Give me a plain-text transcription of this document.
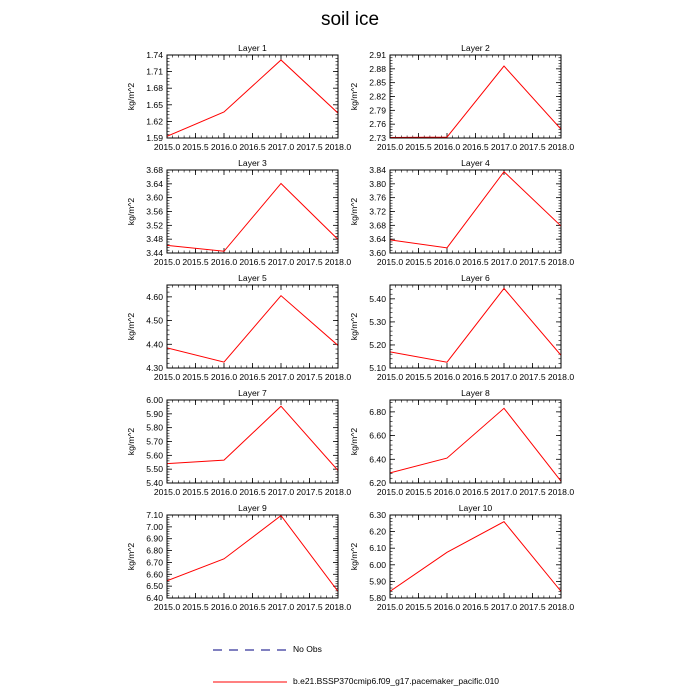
soil ice
Layer 1
kg/m^2
2015.0 2015.5 2016.0 2016.5 2017.0 2017.5 2018.0
1.59
1.62
1.65
1.68
1.71
1.74
Layer 2
kg/m^2
2015.0 2015.5 2016.0 2016.5 2017.0 2017.5 2018.0
2.73
2.76
2.79
2.82
2.85
2.88
2.91
Layer 3
kg/m^2
2015.0 2015.5 2016.0 2016.5 2017.0 2017.5 2018.0
3.44
3.48
3.52
3.56
3.60
3.64
3.68
Layer 4
kg/m^2
2015.0 2015.5 2016.0 2016.5 2017.0 2017.5 2018.0
3.60
3.64
3.68
3.72
3.76
3.80
3.84
Layer 5
kg/m^2
2015.0 2015.5 2016.0 2016.5 2017.0 2017.5 2018.0
4.30
4.40
4.50
4.60
Layer 6
kg/m^2
2015.0 2015.5 2016.0 2016.5 2017.0 2017.5 2018.0
5.10
5.20
5.30
5.40
Layer 7
kg/m^2
2015.0 2015.5 2016.0 2016.5 2017.0 2017.5 2018.0
5.40
5.50
5.60
5.70
5.80
5.90
6.00
Layer 8
kg/m^2
2015.0 2015.5 2016.0 2016.5 2017.0 2017.5 2018.0
6.20
6.40
6.60
6.80
Layer 9
kg/m^2
2015.0 2015.5 2016.0 2016.5 2017.0 2017.5 2018.0
6.40
6.50
6.60
6.70
6.80
6.90
7.00
7.10
Layer 10
kg/m^2
2015.0 2015.5 2016.0 2016.5 2017.0 2017.5 2018.0
5.80
5.90
6.00
6.10
6.20
6.30
No Obs
b.e21.BSSP370cmip6.f09_g17.pacemaker_pacific.010
